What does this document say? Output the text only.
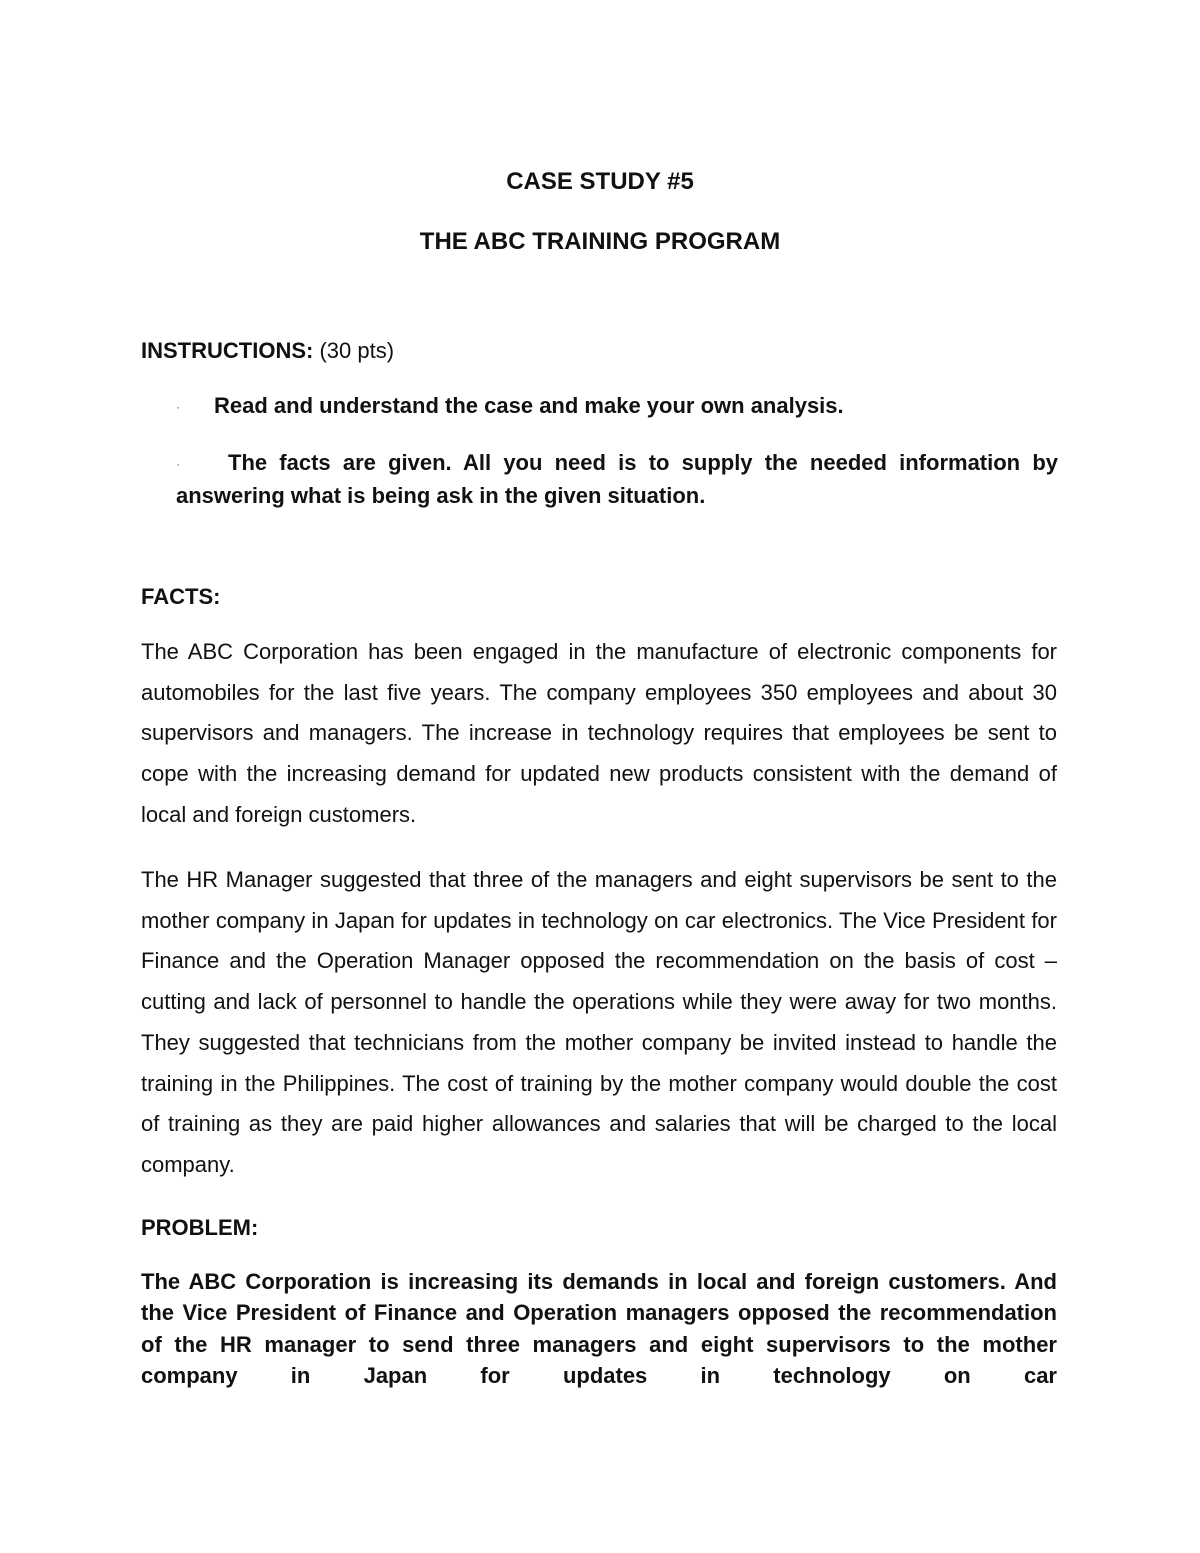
CASE STUDY #5
THE ABC TRAINING PROGRAM

INSTRUCTIONS: (30 pts)

· Read and understand the case and make your own analysis.

· The facts are given. All you need is to supply the needed information by answering what is being ask in the given situation.

FACTS:

The ABC Corporation has been engaged in the manufacture of electronic components for automobiles for the last five years. The company employees 350 employees and about 30 supervisors and managers. The increase in technology requires that employees be sent to cope with the increasing demand for updated new products consistent with the demand of local and foreign customers.

The HR Manager suggested that three of the managers and eight supervisors be sent to the mother company in Japan for updates in technology on car electronics. The Vice President for Finance and the Operation Manager opposed the recommendation on the basis of cost – cutting and lack of personnel to handle the operations while they were away for two months. They suggested that technicians from the mother company be invited instead to handle the training in the Philippines. The cost of training by the mother company would double the cost of training as they are paid higher allowances and salaries that will be charged to the local company.

PROBLEM:

The ABC Corporation is increasing its demands in local and foreign customers. And the Vice President of Finance and Operation managers opposed the recommendation of the HR manager to send three managers and eight supervisors to the mother company in Japan for updates in technology on car
